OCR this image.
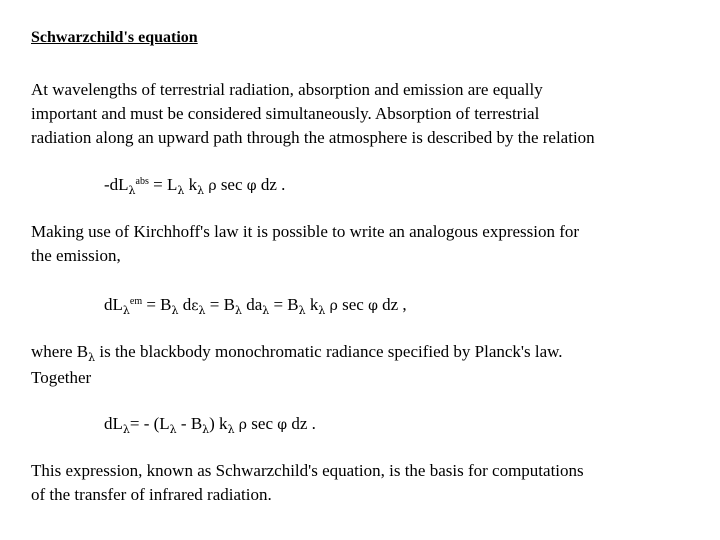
Schwarzchild's equation
At wavelengths of terrestrial radiation, absorption and emission are equally
important and must be considered simultaneously. Absorption of terrestrial
radiation along an upward path through the atmosphere is described by the relation
$-dL_\lambda^{abs} = L_\lambda$ $k_\lambda$ ρ sec φ dz .
Making use of Kirchhoff's law it is possible to write an analogous expression for
the emission,
$dL_\lambda^{em} = B_\lambda$ $d\varepsilon_\lambda = B_\lambda$ $da_\lambda = B_\lambda$ $k_\lambda$ ρ sec φ dz ,
where $B_\lambda$ is the blackbody monochromatic radiance specified by Planck's law.
Together
$dL_\lambda= - (L_\lambda - B_\lambda)$ $k_\lambda$ ρ sec φ dz .
This expression, known as Schwarzchild's equation, is the basis for computations
of the transfer of infrared radiation.
